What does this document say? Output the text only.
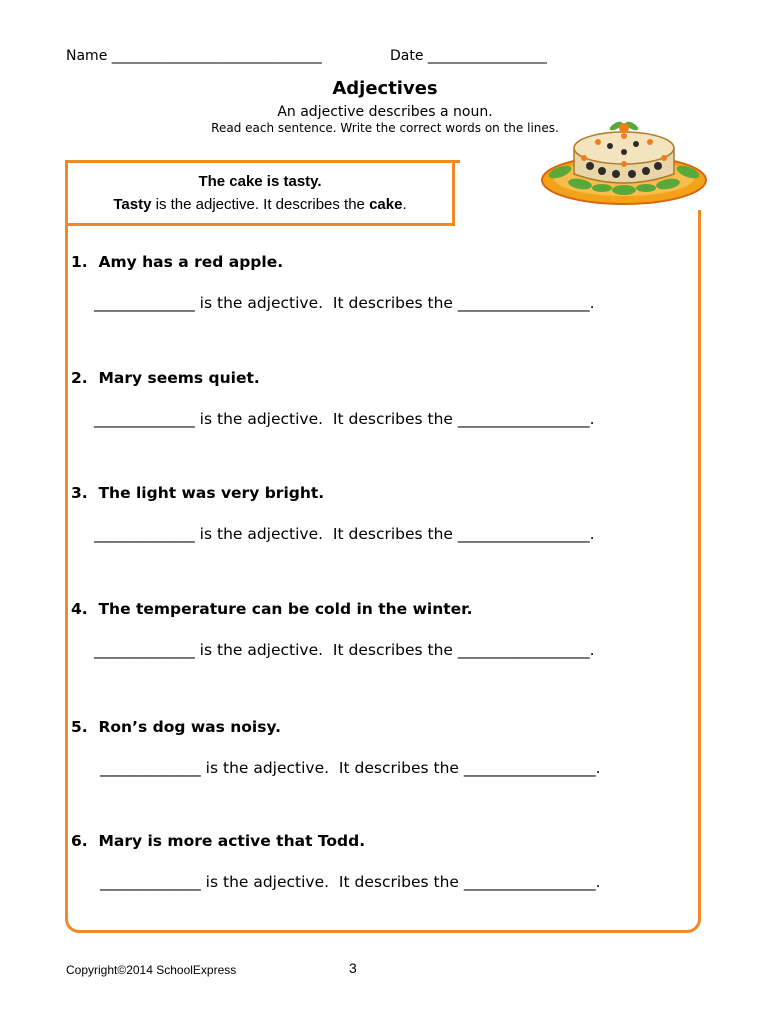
Name ______________________________	Date _________________
Adjectives
An adjective describes a noun.
Read each sentence. Write the correct words on the lines.
The cake is tasty.
Tasty is the adjective. It describes the cake.
1.  Amy has a red apple.
_____________ is the adjective.  It describes the _________________.
2.  Mary seems quiet.
_____________ is the adjective.  It describes the _________________.
3.  The light was very bright.
_____________ is the adjective.  It describes the _________________.
4.  The temperature can be cold in the winter.
_____________ is the adjective.  It describes the _________________.
5.  Ron’s dog was noisy.
_____________ is the adjective.  It describes the _________________.
6.  Mary is more active that Todd.
_____________ is the adjective.  It describes the _________________.
Copyright©2014 SchoolExpress	3
